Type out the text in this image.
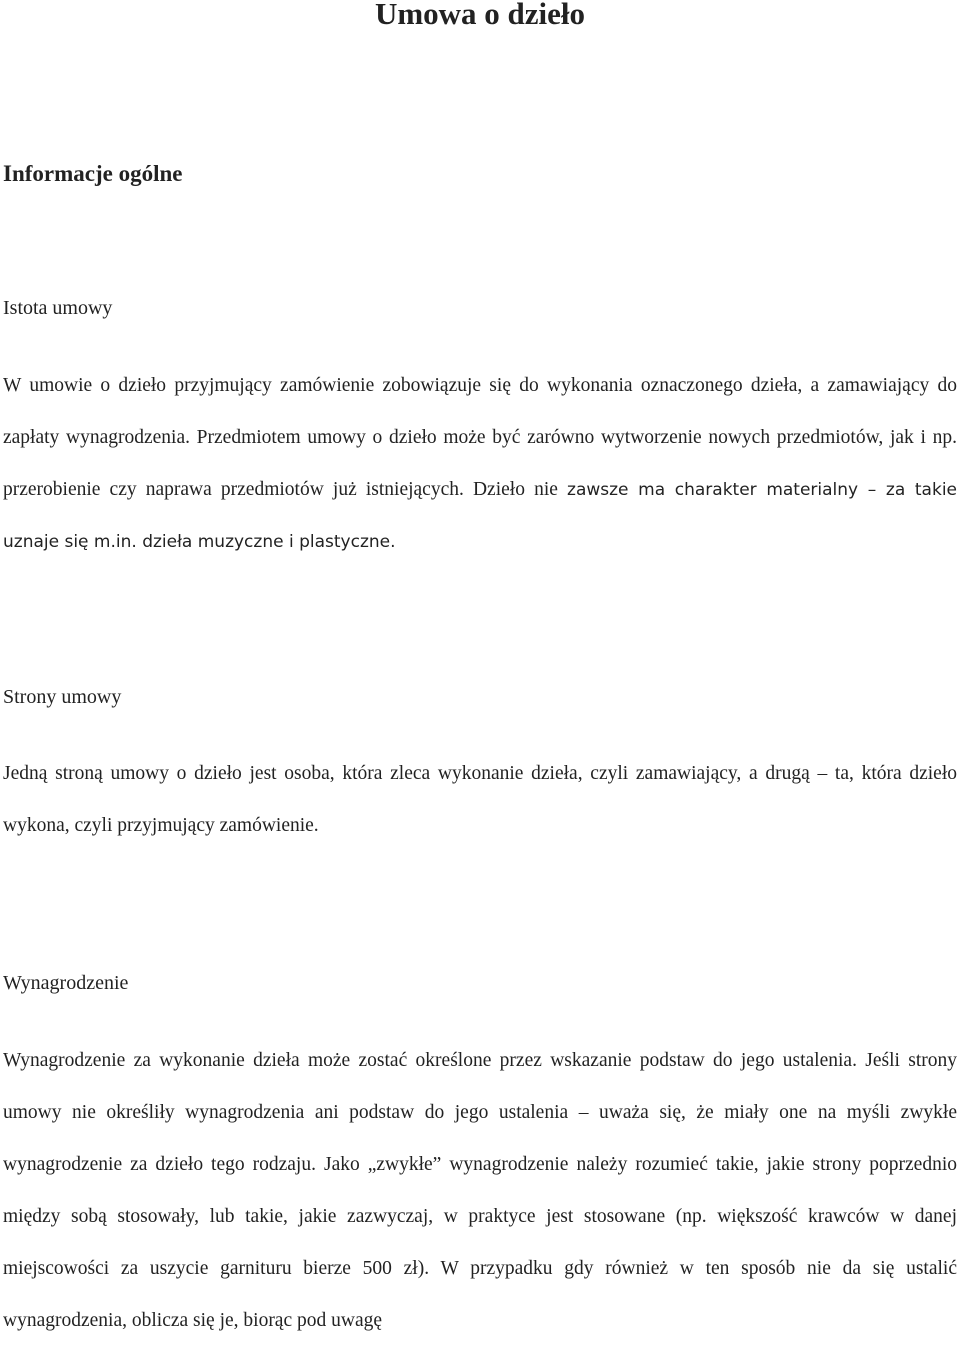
Umowa o dzieło
Informacje ogólne
Istota umowy

W umowie o dzieło przyjmujący zamówienie zobowiązuje się do wykonania oznaczonego dzieła, a zamawiający do zapłaty wynagrodzenia. Przedmiotem umowy o dzieło może być zarówno wytworzenie nowych przedmiotów, jak i np. przerobienie czy naprawa przedmiotów już istniejących. Dzieło nie zawsze ma charakter materialny – za takie uznaje się m.in. dzieła muzyczne i plastyczne.

Strony umowy

Jedną stroną umowy o dzieło jest osoba, która zleca wykonanie dzieła, czyli zamawiający, a drugą – ta, która dzieło wykona, czyli przyjmujący zamówienie.

Wynagrodzenie

Wynagrodzenie za wykonanie dzieła może zostać określone przez wskazanie podstaw do jego ustalenia. Jeśli strony umowy nie określiły wynagrodzenia ani podstaw do jego ustalenia – uważa się, że miały one na myśli zwykłe wynagrodzenie za dzieło tego rodzaju. Jako „zwykłe” wynagrodzenie należy rozumieć takie, jakie strony poprzednio między sobą stosowały, lub takie, jakie zazwyczaj, w praktyce jest stosowane (np. większość krawców w danej miejscowości za uszycie garnituru bierze 500 zł). W przypadku gdy również w ten sposób nie da się ustalić wynagrodzenia, oblicza się je, biorąc pod uwagę
